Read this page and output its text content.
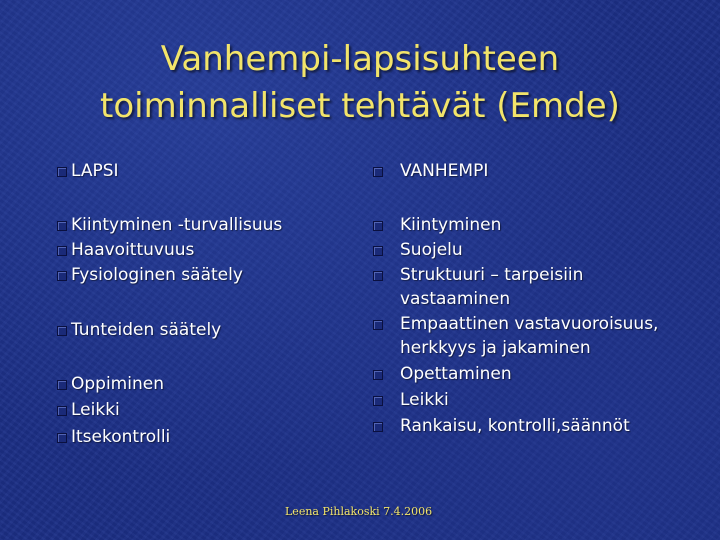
Vanhempi-lapsisuhteen
toiminnalliset tehtävät (Emde)
LAPSI
Kiintyminen -turvallisuus
Haavoittuvuus
Fysiologinen säätely
Tunteiden säätely
Oppiminen
Leikki
Itsekontrolli
VANHEMPI
Kiintyminen
Suojelu
Struktuuri – tarpeisiin
vastaaminen
Empaattinen vastavuoroisuus,
herkkyys ja jakaminen
Opettaminen
Leikki
Rankaisu, kontrolli,säännöt
Leena Pihlakoski 7.4.2006
